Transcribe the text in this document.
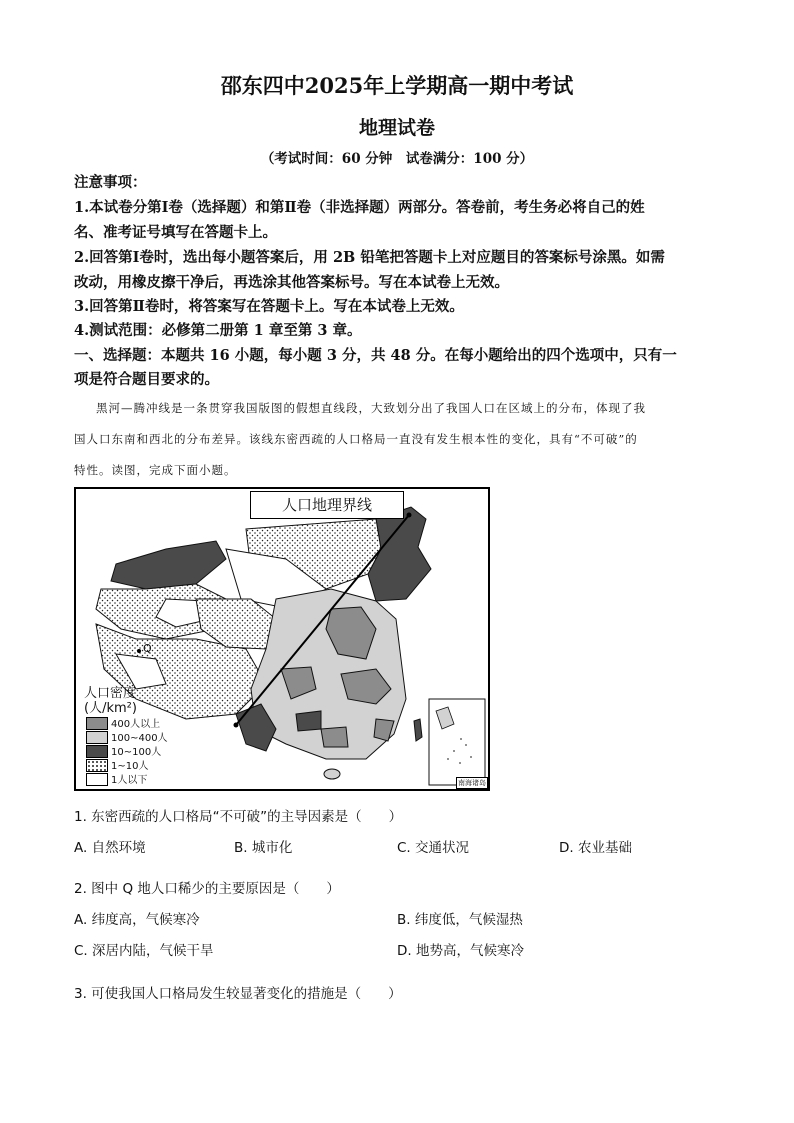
邵东四中2025年上学期高一期中考试
地理试卷
（考试时间：60 分钟　试卷满分：100 分）
注意事项：
1.本试卷分第Ⅰ卷（选择题）和第Ⅱ卷（非选择题）两部分。答卷前，考生务必将自己的姓
名、准考证号填写在答题卡上。
2.回答第Ⅰ卷时，选出每小题答案后，用 2B 铅笔把答题卡上对应题目的答案标号涂黑。如需
改动，用橡皮擦干净后，再选涂其他答案标号。写在本试卷上无效。
3.回答第Ⅱ卷时，将答案写在答题卡上。写在本试卷上无效。
4.测试范围：必修第二册第 1 章至第 3 章。
一、选择题：本题共 16 小题，每小题 3 分，共 48 分。在每小题给出的四个选项中，只有一
项是符合题目要求的。
黑河—腾冲线是一条贯穿我国版图的假想直线段，大致划分出了我国人口在区域上的分布，体现了我
国人口东南和西北的分布差异。该线东密西疏的人口格局一直没有发生根本性的变化，具有“不可破”的
特性。读图，完成下面小题。
人口地理界线
Q
人口密度
(人/km²)
400人以上
100~400人
10~100人
1~10人
1人以下	南海诸岛
1. 东密西疏的人口格局“不可破”的主导因素是（　　）
A. 自然环境	B. 城市化	C. 交通状况	D. 农业基础
2. 图中 Q 地人口稀少的主要原因是（　　）
A. 纬度高，气候寒冷	B. 纬度低，气候湿热
C. 深居内陆，气候干旱	D. 地势高，气候寒冷
3. 可使我国人口格局发生较显著变化的措施是（　　）
